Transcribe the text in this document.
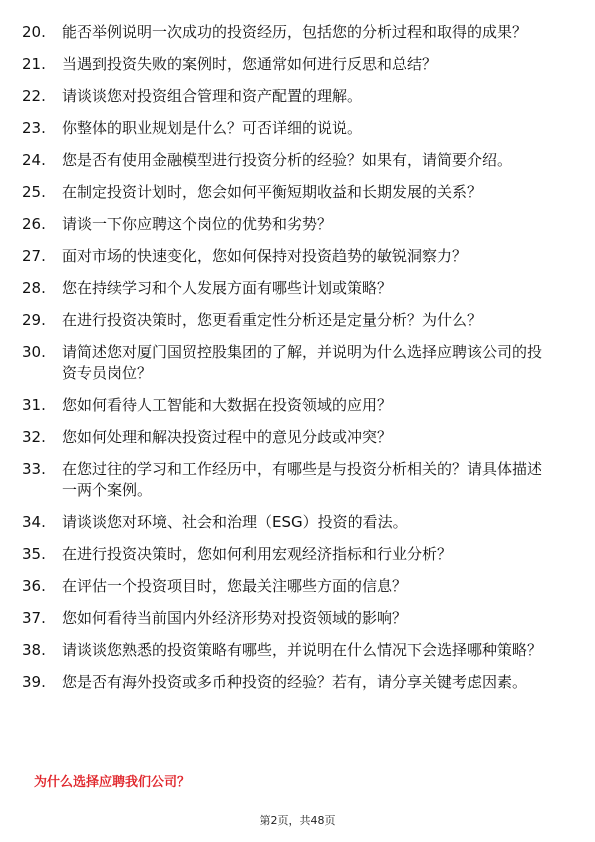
20.	能否举例说明一次成功的投资经历，包括您的分析过程和取得的成果？
21.	当遇到投资失败的案例时，您通常如何进行反思和总结？
22.	请谈谈您对投资组合管理和资产配置的理解。
23.	你整体的职业规划是什么？可否详细的说说。
24.	您是否有使用金融模型进行投资分析的经验？如果有，请简要介绍。
25.	在制定投资计划时，您会如何平衡短期收益和长期发展的关系？
26.	请谈一下你应聘这个岗位的优势和劣势？
27.	面对市场的快速变化，您如何保持对投资趋势的敏锐洞察力？
28.	您在持续学习和个人发展方面有哪些计划或策略？
29.	在进行投资决策时，您更看重定性分析还是定量分析？为什么？
30.	请简述您对厦门国贸控股集团的了解，并说明为什么选择应聘该公司的投资专员岗位？
31.	您如何看待人工智能和大数据在投资领域的应用？
32.	您如何处理和解决投资过程中的意见分歧或冲突？
33.	在您过往的学习和工作经历中，有哪些是与投资分析相关的？请具体描述一两个案例。
34.	请谈谈您对环境、社会和治理（ESG）投资的看法。
35.	在进行投资决策时，您如何利用宏观经济指标和行业分析？
36.	在评估一个投资项目时，您最关注哪些方面的信息？
37.	您如何看待当前国内外经济形势对投资领域的影响？
38.	请谈谈您熟悉的投资策略有哪些，并说明在什么情况下会选择哪种策略？
39.	您是否有海外投资或多币种投资的经验？若有，请分享关键考虑因素。
为什么选择应聘我们公司？
第2页，共48页
